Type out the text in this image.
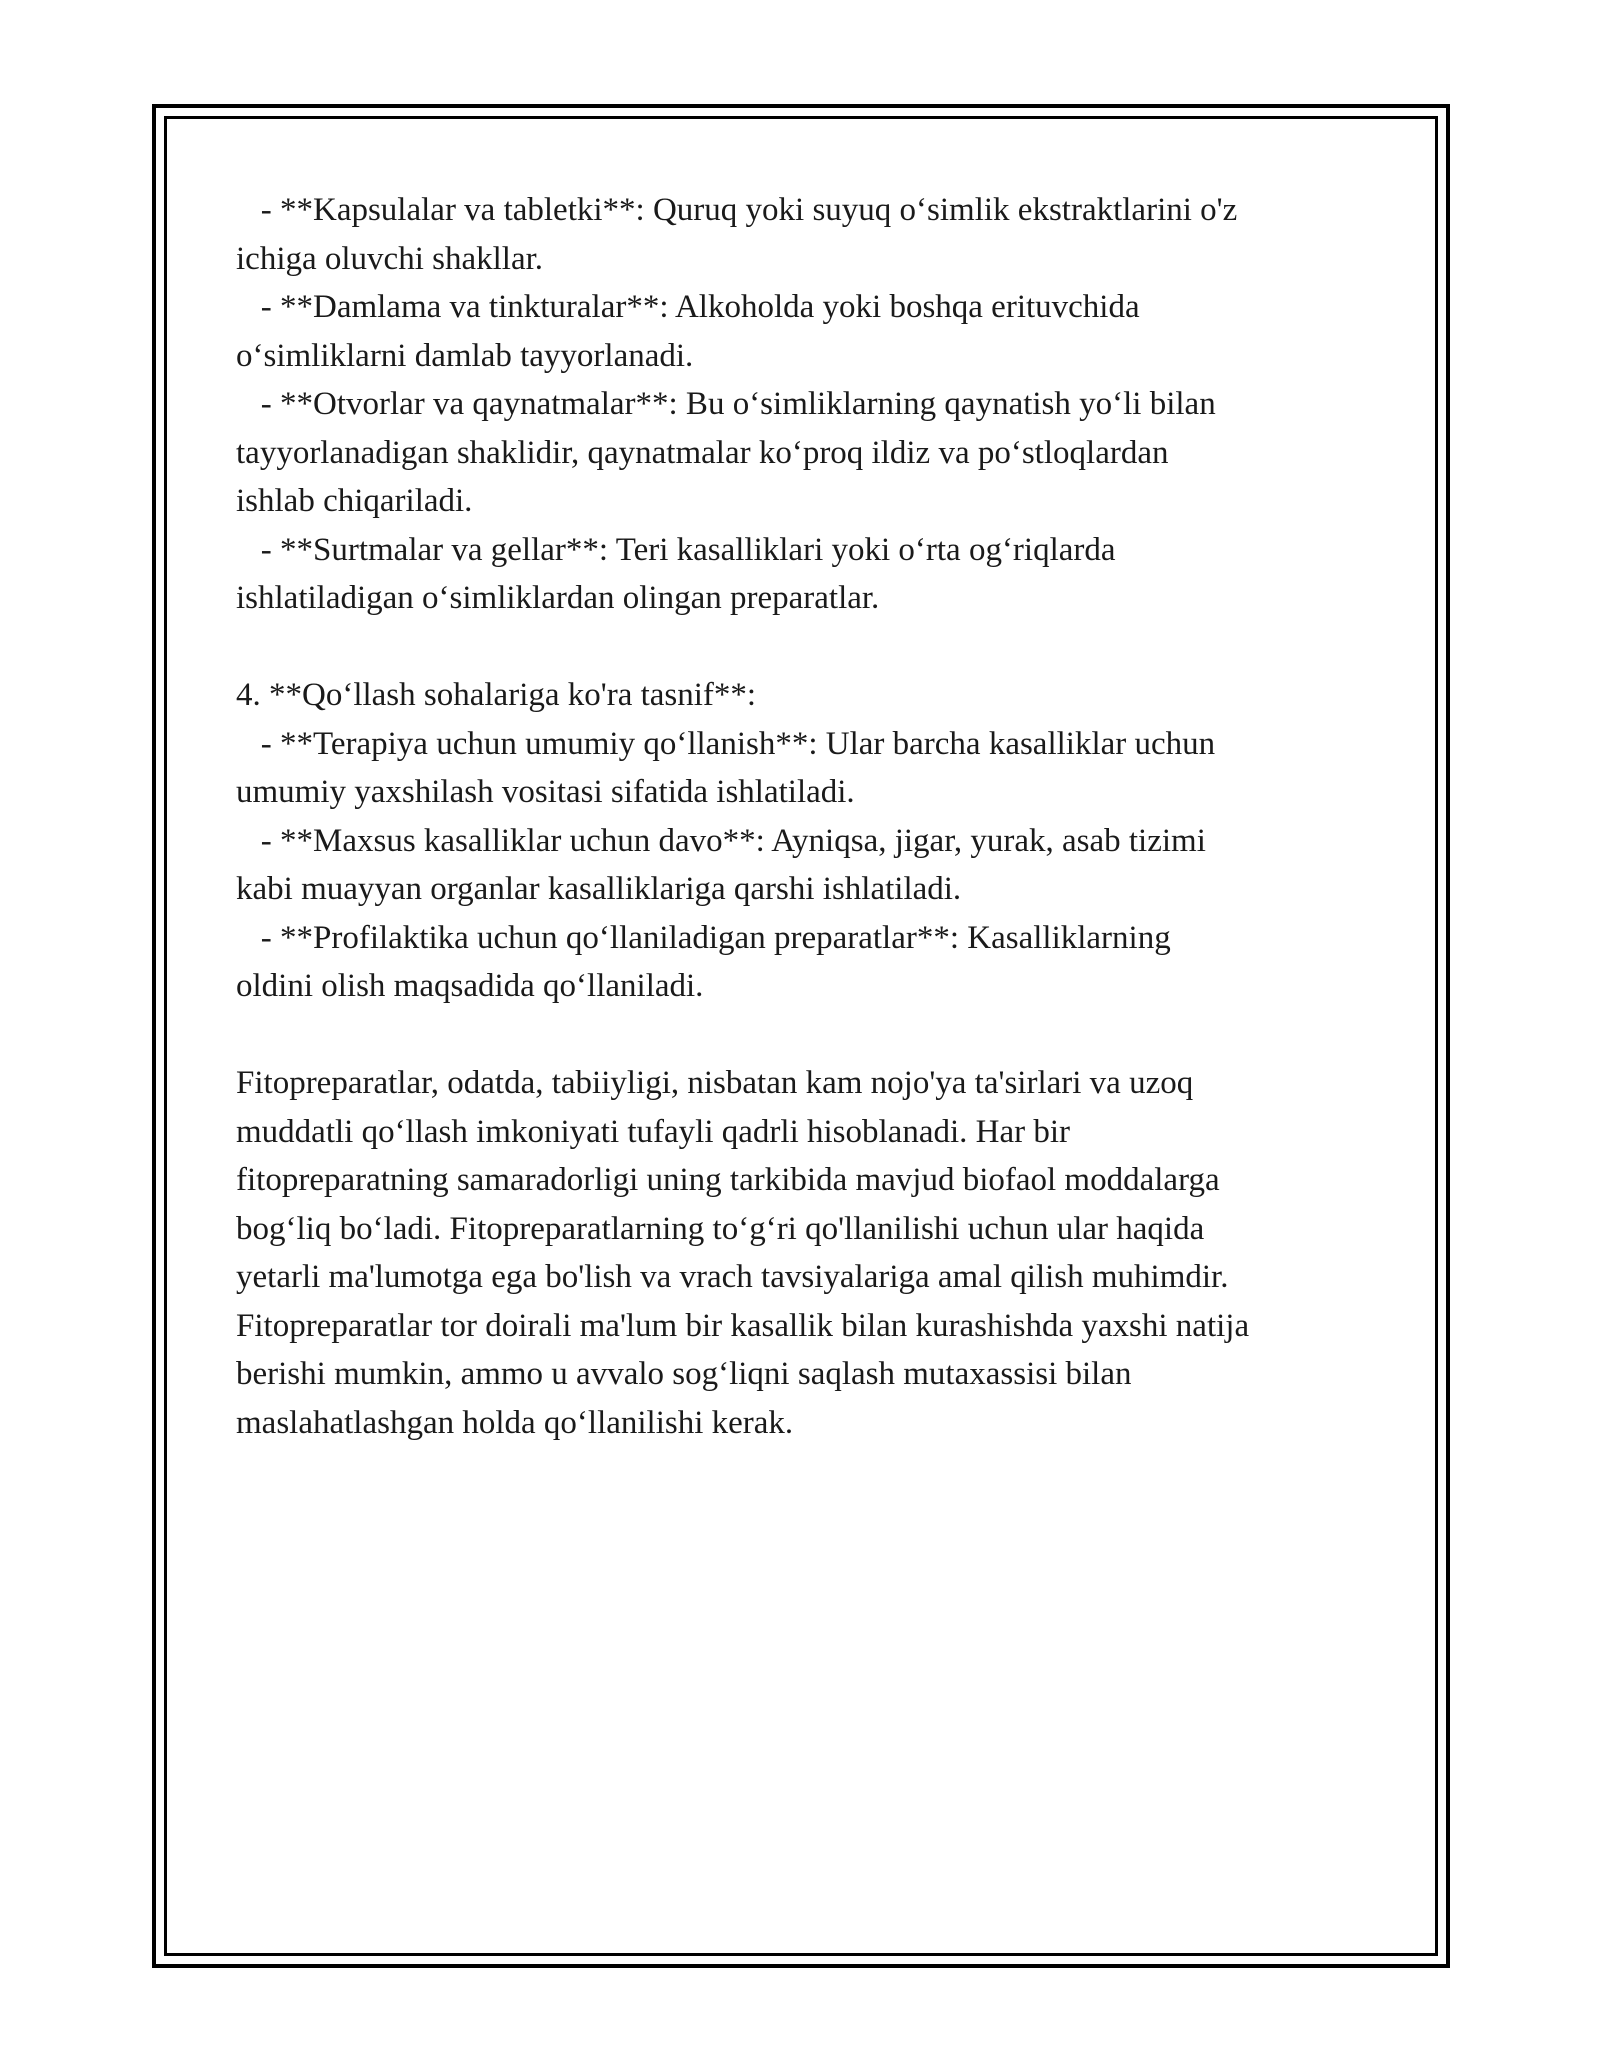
- **Kapsulalar va tabletki**: Quruq yoki suyuq o‘simlik ekstraktlarini o'z
ichiga oluvchi shakllar.

- **Damlama va tinkturalar**: Alkoholda yoki boshqa erituvchida
o‘simliklarni damlab tayyorlanadi.

- **Otvorlar va qaynatmalar**: Bu o‘simliklarning qaynatish yo‘li bilan
tayyorlanadigan shaklidir, qaynatmalar ko‘proq ildiz va po‘stloqlardan
ishlab chiqariladi.

- **Surtmalar va gellar**: Teri kasalliklari yoki o‘rta og‘riqlarda
ishlatiladigan o‘simliklardan olingan preparatlar.

4. **Qo‘llash sohalariga ko'ra tasnif**:

- **Terapiya uchun umumiy qo‘llanish**: Ular barcha kasalliklar uchun
umumiy yaxshilash vositasi sifatida ishlatiladi.

- **Maxsus kasalliklar uchun davo**: Ayniqsa, jigar, yurak, asab tizimi
kabi muayyan organlar kasalliklariga qarshi ishlatiladi.

- **Profilaktika uchun qo‘llaniladigan preparatlar**: Kasalliklarning
oldini olish maqsadida qo‘llaniladi.

Fitopreparatlar, odatda, tabiiyligi, nisbatan kam nojo'ya ta'sirlari va uzoq
muddatli qo‘llash imkoniyati tufayli qadrli hisoblanadi. Har bir
fitopreparatning samaradorligi uning tarkibida mavjud biofaol moddalarga
bog‘liq bo‘ladi. Fitopreparatlarning to‘g‘ri qo'llanilishi uchun ular haqida
yetarli ma'lumotga ega bo'lish va vrach tavsiyalariga amal qilish muhimdir.
Fitopreparatlar tor doirali ma'lum bir kasallik bilan kurashishda yaxshi natija
berishi mumkin, ammo u avvalo sog‘liqni saqlash mutaxassisi bilan
maslahatlashgan holda qo‘llanilishi kerak.
